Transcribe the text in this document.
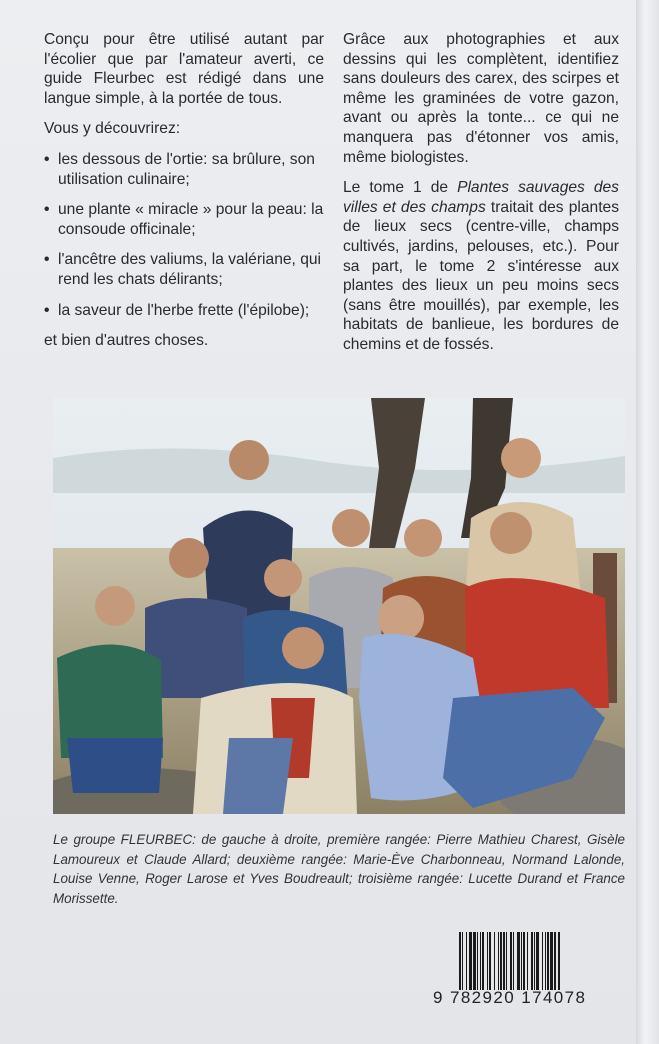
Conçu pour être utilisé autant par l'écolier que par l'amateur averti, ce guide Fleurbec est rédigé dans une langue simple, à la portée de tous.

Vous y découvrirez:

• les dessous de l'ortie: sa brûlure, son utilisation culinaire;
• une plante « miracle » pour la peau: la consoude officinale;
• l'ancêtre des valiums, la valériane, qui rend les chats délirants;
• la saveur de l'herbe frette (l'épilobe);

et bien d'autres choses.

Grâce aux photographies et aux dessins qui les complètent, identifiez sans douleurs des carex, des scirpes et même les graminées de votre gazon, avant ou après la tonte... ce qui ne manquera pas d'étonner vos amis, même biologistes.

Le tome 1 de Plantes sauvages des villes et des champs traitait des plantes de lieux secs (centre-ville, champs cultivés, jardins, pelouses, etc.). Pour sa part, le tome 2 s'intéresse aux plantes des lieux un peu moins secs (sans être mouillés), par exemple, les habitats de banlieue, les bordures de chemins et de fossés.

Le groupe FLEURBEC: de gauche à droite, première rangée: Pierre Mathieu Charest, Gisèle Lamoureux et Claude Allard; deuxième rangée: Marie-Ève Charbonneau, Normand Lalonde, Louise Venne, Roger Larose et Yves Boudreault; troisième rangée: Lucette Durand et France Morissette.
9 782920 174078
